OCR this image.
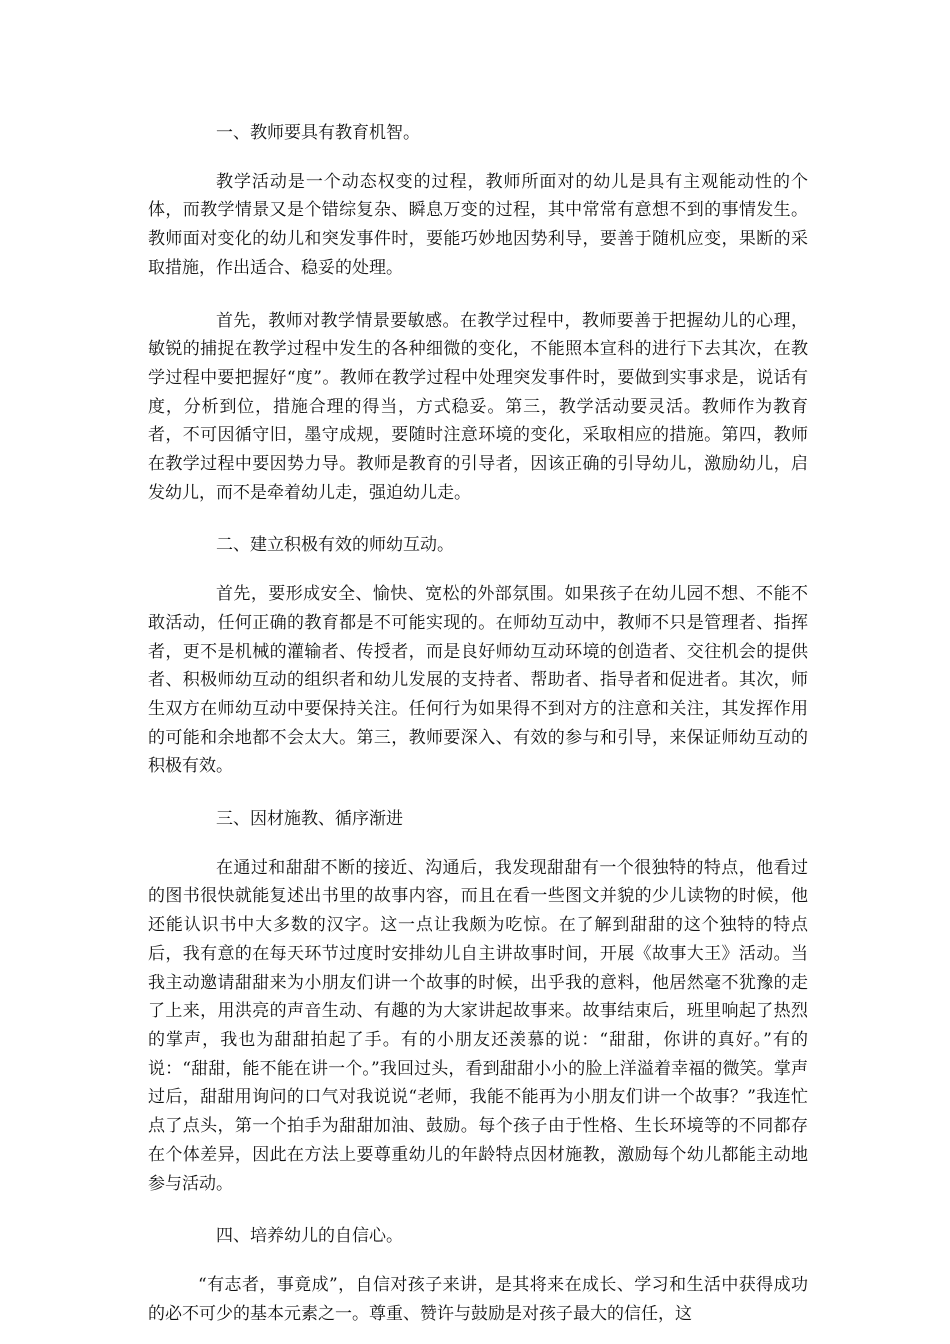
一、教师要具有教育机智。

教学活动是一个动态权变的过程，教师所面对的幼儿是具有主观能动性的个体，而教学情景又是个错综复杂、瞬息万变的过程，其中常常有意想不到的事情发生。教师面对变化的幼儿和突发事件时，要能巧妙地因势利导，要善于随机应变，果断的采取措施，作出适合、稳妥的处理。

首先，教师对教学情景要敏感。在教学过程中，教师要善于把握幼儿的心理，敏锐的捕捉在教学过程中发生的各种细微的变化，不能照本宣科的进行下去其次，在教学过程中要把握好“度”。教师在教学过程中处理突发事件时，要做到实事求是，说话有度，分析到位，措施合理的得当，方式稳妥。第三，教学活动要灵活。教师作为教育者，不可因循守旧，墨守成规，要随时注意环境的变化，采取相应的措施。第四，教师在教学过程中要因势力导。教师是教育的引导者，因该正确的引导幼儿，激励幼儿，启发幼儿，而不是牵着幼儿走，强迫幼儿走。

二、建立积极有效的师幼互动。

首先，要形成安全、愉快、宽松的外部氛围。如果孩子在幼儿园不想、不能不敢活动，任何正确的教育都是不可能实现的。在师幼互动中，教师不只是管理者、指挥者，更不是机械的灌输者、传授者，而是良好师幼互动环境的创造者、交往机会的提供者、积极师幼互动的组织者和幼儿发展的支持者、帮助者、指导者和促进者。其次，师生双方在师幼互动中要保持关注。任何行为如果得不到对方的注意和关注，其发挥作用的可能和余地都不会太大。第三，教师要深入、有效的参与和引导，来保证师幼互动的积极有效。

三、因材施教、循序渐进

在通过和甜甜不断的接近、沟通后，我发现甜甜有一个很独特的特点，他看过的图书很快就能复述出书里的故事内容，而且在看一些图文并貌的少儿读物的时候，他还能认识书中大多数的汉字。这一点让我颇为吃惊。在了解到甜甜的这个独特的特点后，我有意的在每天环节过度时安排幼儿自主讲故事时间，开展《故事大王》活动。当我主动邀请甜甜来为小朋友们讲一个故事的时候，出乎我的意料，他居然毫不犹豫的走了上来，用洪亮的声音生动、有趣的为大家讲起故事来。故事结束后，班里响起了热烈的掌声，我也为甜甜拍起了手。有的小朋友还羡慕的说：“甜甜，你讲的真好。”有的说：“甜甜，能不能在讲一个。”我回过头，看到甜甜小小的脸上洋溢着幸福的微笑。掌声过后，甜甜用询问的口气对我说说“老师，我能不能再为小朋友们讲一个故事？”我连忙点了点头，第一个拍手为甜甜加油、鼓励。每个孩子由于性格、生长环境等的不同都存在个体差异，因此在方法上要尊重幼儿的年龄特点因材施教，激励每个幼儿都能主动地参与活动。

四、培养幼儿的自信心。

“有志者，事竟成”，自信对孩子来讲，是其将来在成长、学习和生活中获得成功的必不可少的基本元素之一。尊重、赞许与鼓励是对孩子最大的信任，这
